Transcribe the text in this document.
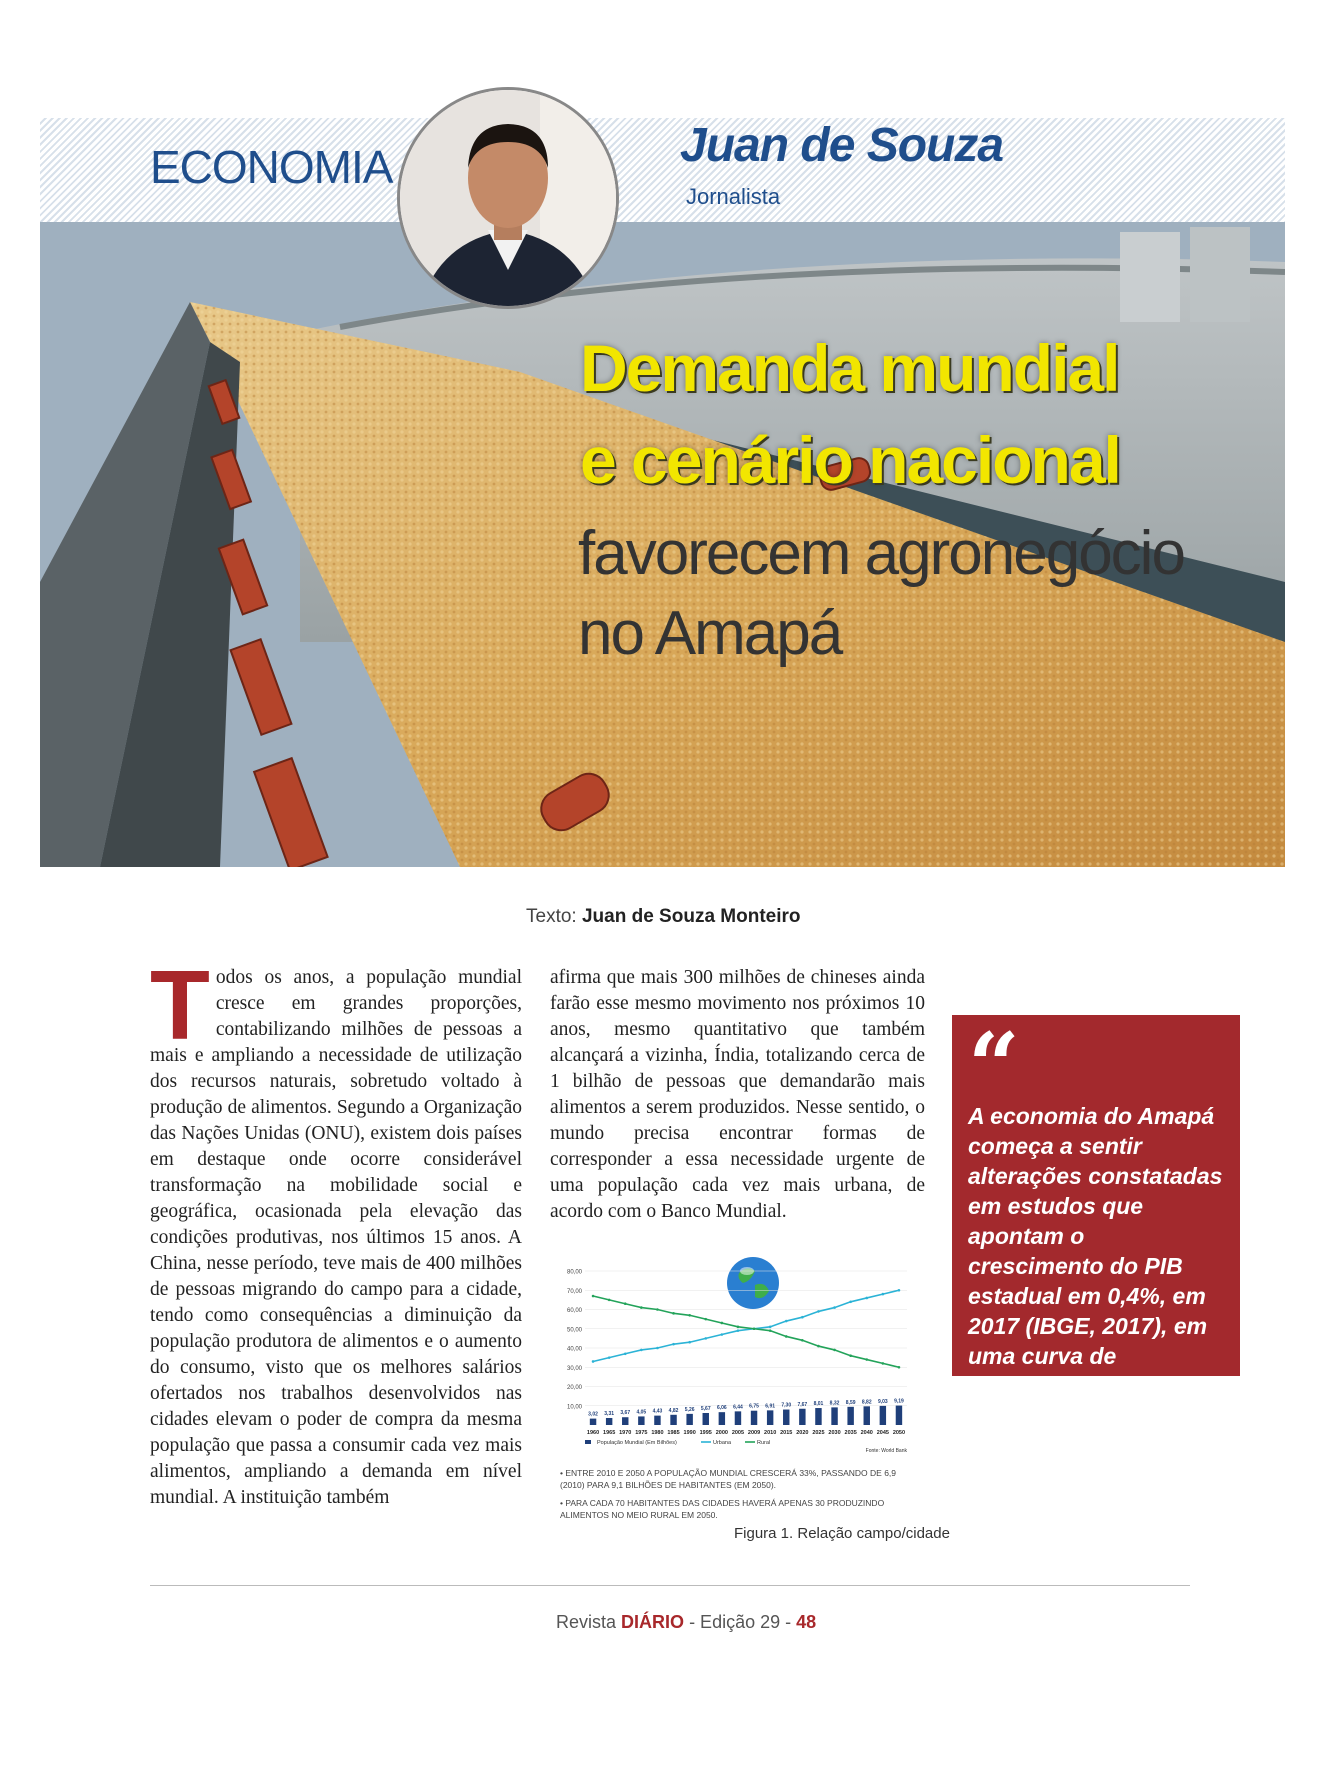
ECONOMIA	Juan de Souza
Jornalista
Demanda mundial
e cenário nacional
favorecem agronegócio
no Amapá
Texto: Juan de Souza Monteiro
Todos os anos, a população mundial cresce em grandes proporções, contabilizando milhões de pessoas a mais e ampliando a necessidade de utilização dos recursos naturais, sobretudo voltado à produção de alimentos. Segundo a Organização das Nações Unidas (ONU), existem dois países em destaque onde ocorre considerável transformação na mobilidade social e geográfica, ocasionada pela elevação das condições produtivas, nos últimos 15 anos. A China, nesse período, teve mais de 400 milhões de pessoas migrando do campo para a cidade, tendo como consequências a diminuição da população produtora de alimentos e o aumento do consumo, visto que os melhores salários ofertados nos trabalhos desenvolvidos nas cidades elevam o poder de compra da mesma população que passa a consumir cada vez mais alimentos, ampliando a demanda em nível mundial. A instituição também
afirma que mais 300 milhões de chineses ainda farão esse mesmo movimento nos próximos 10 anos, mesmo quantitativo que também alcançará a vizinha, Índia, totalizando cerca de 1 bilhão de pessoas que demandarão mais alimentos a serem produzidos. Nesse sentido, o mundo precisa encontrar formas de corresponder a essa necessidade urgente de uma população cada vez mais urbana, de acordo com o Banco Mundial.
80,00
70,00
60,00
50,00
40,00
30,00
20,00
10,00
3,02 3,31 3,67 4,05 4,43 4,82 5,26 5,67 6,06 6,44 6,75 6,91 7,30 7,67 8,01 8,32 8,59 8,82 9,03 9,19
1960 1965 1970 1975 1980 1985 1990 1995 2000 2005 2009 2010 2015 2020 2025 2030 2035 2040 2045 2050
População Mundial (Em Bilhões)	Urbana	Rural
Fonte: World Bank

• ENTRE 2010 E 2050 A POPULAÇÃO MUNDIAL CRESCERÁ 33%, PASSANDO DE 6,9 (2010) PARA 9,1 BILHÕES DE HABITANTES (EM 2050).

• PARA CADA 70 HABITANTES DAS CIDADES HAVERÁ APENAS 30 PRODUZINDO ALIMENTOS NO MEIO RURAL EM 2050.

Figura 1. Relação campo/cidade
“
A economia do Amapá começa a sentir alterações constatadas em estudos que apontam o crescimento do PIB estadual em 0,4%, em 2017 (IBGE, 2017), em uma curva de crescimento sustentada exatamente pelo setor agropecuário.
Revista DIÁRIO - Edição 29 - 48
